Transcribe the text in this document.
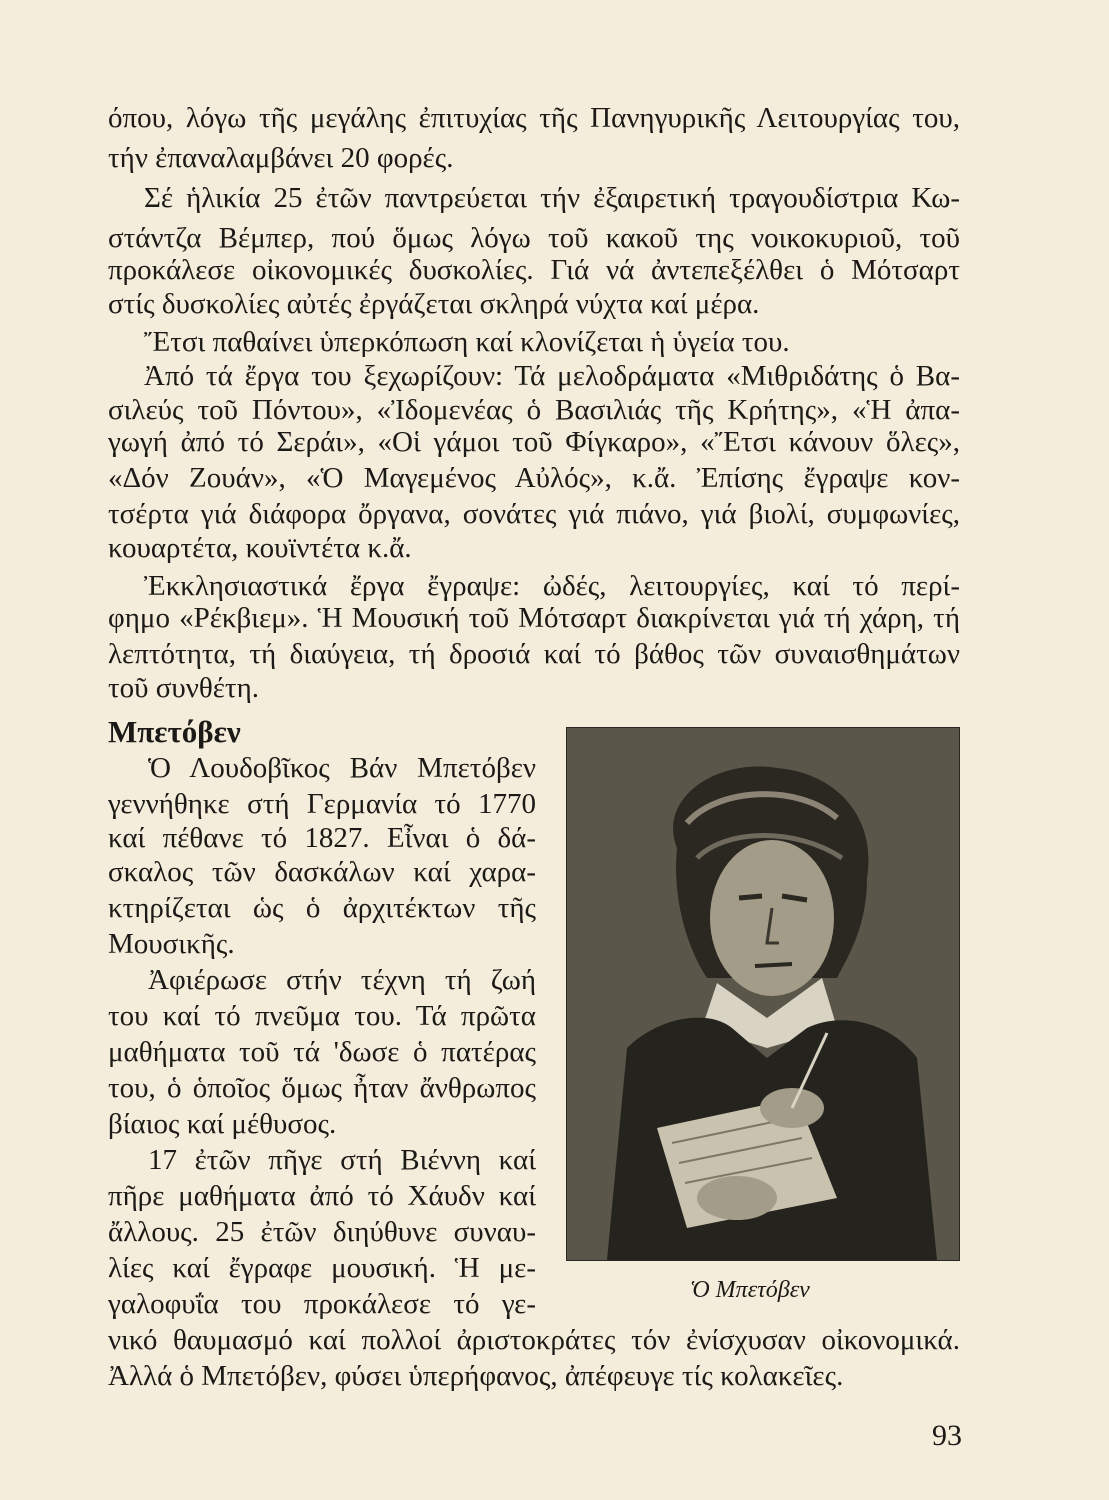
όπου, λόγω τῆς μεγάλης ἐπιτυχίας τῆς Πανηγυρικῆς Λειτουργίας του,
τήν ἐπαναλαμβάνει 20 φορές.
Σέ ἡλικία 25 ἐτῶν παντρεύεται τήν ἐξαιρετική τραγουδίστρια Κω-
στάντζα Βέμπερ, πού ὅμως λόγω τοῦ κακοῦ της νοικοκυριοῦ, τοῦ
προκάλεσε οἰκονομικές δυσκολίες. Γιά νά ἀντεπεξέλθει ὁ Μότσαρτ
στίς δυσκολίες αὐτές ἐργάζεται σκληρά νύχτα καί μέρα.
Ἔτσι παθαίνει ὑπερκόπωση καί κλονίζεται ἡ ὑγεία του.
Ἀπό τά ἔργα του ξεχωρίζουν: Τά μελοδράματα «Μιθριδάτης ὁ Βα-
σιλεύς τοῦ Πόντου», «Ἰδομενέας ὁ Βασιλιάς τῆς Κρήτης», «Ἡ ἀπα-
γωγή ἀπό τό Σεράι», «Οἱ γάμοι τοῦ Φίγκαρο», «Ἔτσι κάνουν ὅλες»,
«Δόν Ζουάν», «Ὁ Μαγεμένος Αὐλός», κ.ἄ. Ἐπίσης ἔγραψε κον-
τσέρτα γιά διάφορα ὄργανα, σονάτες γιά πιάνο, γιά βιολί, συμφωνίες,
κουαρτέτα, κουϊντέτα κ.ἄ.
Ἐκκλησιαστικά ἔργα ἔγραψε: ὠδές, λειτουργίες, καί τό περί-
φημο «Ρέκβιεμ». Ἡ Μουσική τοῦ Μότσαρτ διακρίνεται γιά τή χάρη, τή
λεπτότητα, τή διαύγεια, τή δροσιά καί τό βάθος τῶν συναισθημάτων
τοῦ συνθέτη.
Μπετόβεν
Ὁ Λουδοβῖκος Βάν Μπετόβεν
γεννήθηκε στή Γερμανία τό 1770
καί πέθανε τό 1827. Εἶναι ὁ δά-
σκαλος τῶν δασκάλων καί χαρα-
κτηρίζεται ὡς ὁ ἀρχιτέκτων τῆς
Μουσικῆς.
Ἀφιέρωσε στήν τέχνη τή ζωή
του καί τό πνεῦμα του. Τά πρῶτα
μαθήματα τοῦ τά 'δωσε ὁ πατέρας
του, ὁ ὁποῖος ὅμως ἦταν ἄνθρωπος
βίαιος καί μέθυσος.
17 ἐτῶν πῆγε στή Βιέννη καί
πῆρε μαθήματα ἀπό τό Χάυδν καί
ἄλλους. 25 ἐτῶν διηύθυνε συναυ-
λίες καί ἔγραφε μουσική. Ἡ με-
γαλοφυΐα του προκάλεσε τό γε-	Ὁ Μπετόβεν
νικό θαυμασμό καί πολλοί ἀριστοκράτες τόν ἐνίσχυσαν οἰκονομικά.
Ἀλλά ὁ Μπετόβεν, φύσει ὑπερήφανος, ἀπέφευγε τίς κολακεῖες.
93
